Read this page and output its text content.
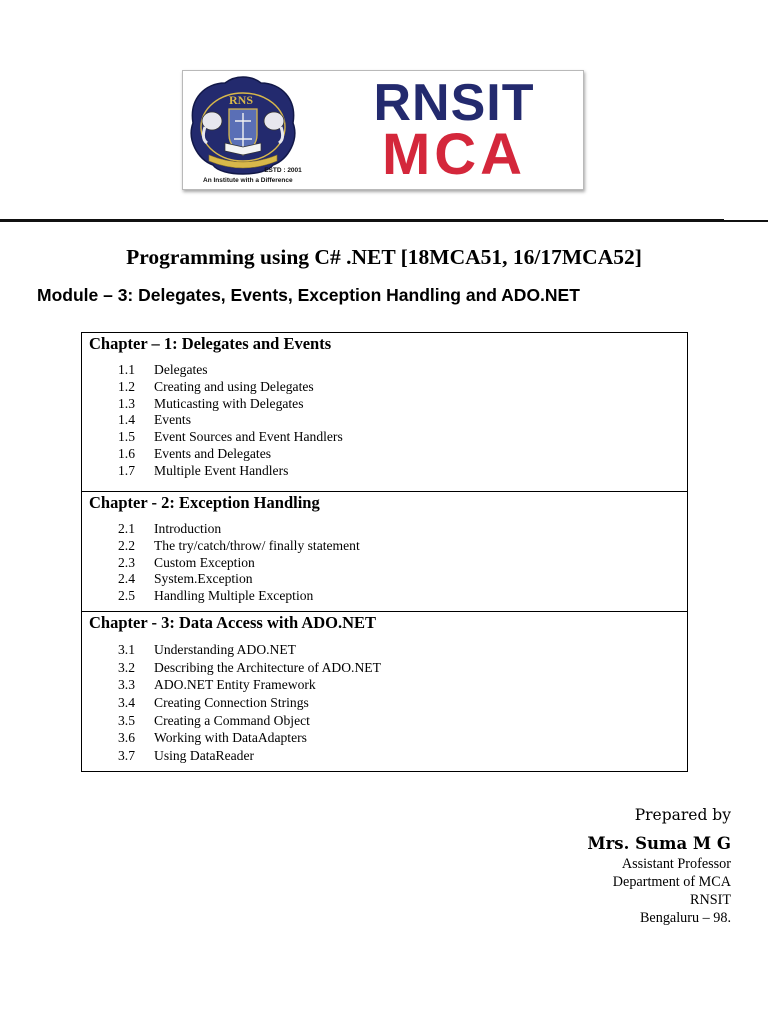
RNS
ESTD : 2001
An Institute with a Difference
RNSIT
MCA
Programming using C# .NET [18MCA51, 16/17MCA52]
Module – 3: Delegates, Events, Exception Handling and ADO.NET
Chapter – 1: Delegates and Events
1.1 Delegates
1.2 Creating and using Delegates
1.3 Muticasting with Delegates
1.4 Events
1.5 Event Sources and Event Handlers
1.6 Events and Delegates
1.7 Multiple Event Handlers
Chapter - 2: Exception Handling
2.1 Introduction
2.2 The try/catch/throw/ finally statement
2.3 Custom Exception
2.4 System.Exception
2.5 Handling Multiple Exception
Chapter - 3: Data Access with ADO.NET
3.1 Understanding ADO.NET
3.2 Describing the Architecture of ADO.NET
3.3 ADO.NET Entity Framework
3.4 Creating Connection Strings
3.5 Creating a Command Object
3.6 Working with DataAdapters
3.7 Using DataReader
Prepared by
Mrs. Suma M G
Assistant Professor
Department of MCA
RNSIT
Bengaluru – 98.
